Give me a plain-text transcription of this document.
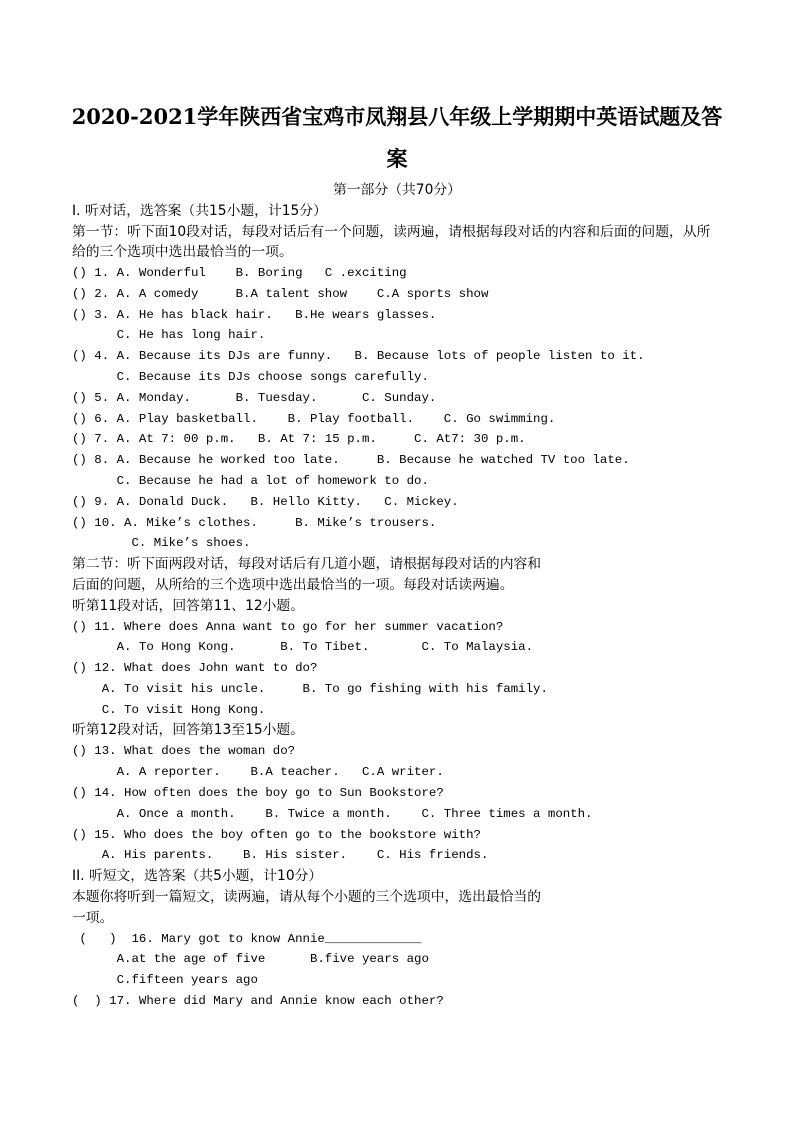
2020-2021学年陕西省宝鸡市凤翔县八年级上学期期中英语试题及答
案
第一部分（共70分）
I. 听对话，选答案（共15小题，计15分）
第一节：听下面10段对话，每段对话后有一个问题，读两遍，请根据每段对话的内容和后面的问题，从所
给的三个选项中选出最恰当的一项。
() 1. A. Wonderful    B. Boring   C .exciting
() 2. A. A comedy     B.A talent show    C.A sports show
() 3. A. He has black hair.   B.He wears glasses.
C. He has long hair.
() 4. A. Because its DJs are funny.   B. Because lots of people listen to it.
C. Because its DJs choose songs carefully.
() 5. A. Monday.      B. Tuesday.      C. Sunday.
() 6. A. Play basketball.    B. Play football.    C. Go swimming.
() 7. A. At 7: 00 p.m.   B. At 7: 15 p.m.     C. At7: 30 p.m.
() 8. A. Because he worked too late.     B. Because he watched TV too late.
C. Because he had a lot of homework to do.
() 9. A. Donald Duck.   B. Hello Kitty.   C. Mickey.
() 10. A. Mike’s clothes.     B. Mike’s trousers.
C. Mike’s shoes.
第二节：听下面两段对话，每段对话后有几道小题，请根据每段对话的内容和
后面的问题，从所给的三个选项中选出最恰当的一项。每段对话读两遍。
听第11段对话，回答第11、12小题。
() 11. Where does Anna want to go for her summer vacation?
A. To Hong Kong.      B. To Tibet.       C. To Malaysia.
() 12. What does John want to do?
A. To visit his uncle.     B. To go fishing with his family.
C. To visit Hong Kong.
听第12段对话，回答第13至15小题。
() 13. What does the woman do?
A. A reporter.    B.A teacher.   C.A writer.
() 14. How often does the boy go to Sun Bookstore?
A. Once a month.    B. Twice a month.    C. Three times a month.
() 15. Who does the boy often go to the bookstore with?
A. His parents.    B. His sister.    C. His friends.
II. 听短文，选答案（共5小题，计10分）
本题你将听到一篇短文，读两遍，请从每个小题的三个选项中，选出最恰当的
一项。
(   )  16. Mary got to know Annie_____________
A.at the age of five      B.five years ago
C.fifteen years ago
(  ) 17. Where did Mary and Annie know each other?
